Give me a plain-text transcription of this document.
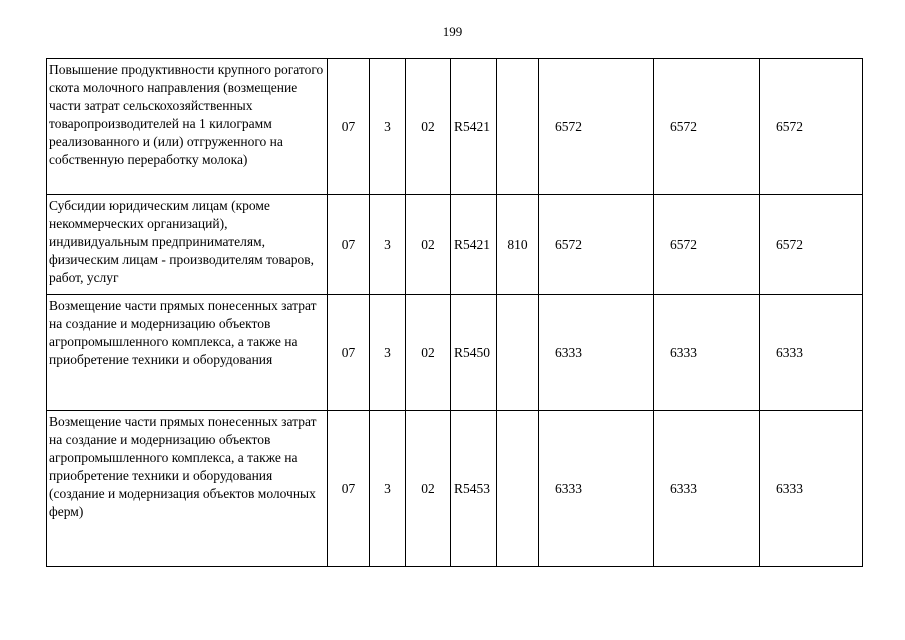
199
Повышение продуктивности крупного рогатого скота молочного направления (возмещение части затрат сельскохозяйственных товаропроизводителей на 1 килограмм реализованного и (или) отгруженного на собственную переработку молока)	07	3	02	R5421		6572	6572	6572
Субсидии юридическим лицам (кроме некоммерческих организаций), индивидуальным предпринимателям, физическим лицам - производителям товаров, работ, услуг	07	3	02	R5421	810	6572	6572	6572
Возмещение части прямых понесенных затрат на создание и модернизацию объектов агропромышленного комплекса, а также на приобретение техники и оборудования	07	3	02	R5450		6333	6333	6333
Возмещение части прямых понесенных затрат на создание и модернизацию объектов агропромышленного комплекса, а также на приобретение техники и оборудования (создание и модернизация объектов молочных ферм)	07	3	02	R5453		6333	6333	6333
